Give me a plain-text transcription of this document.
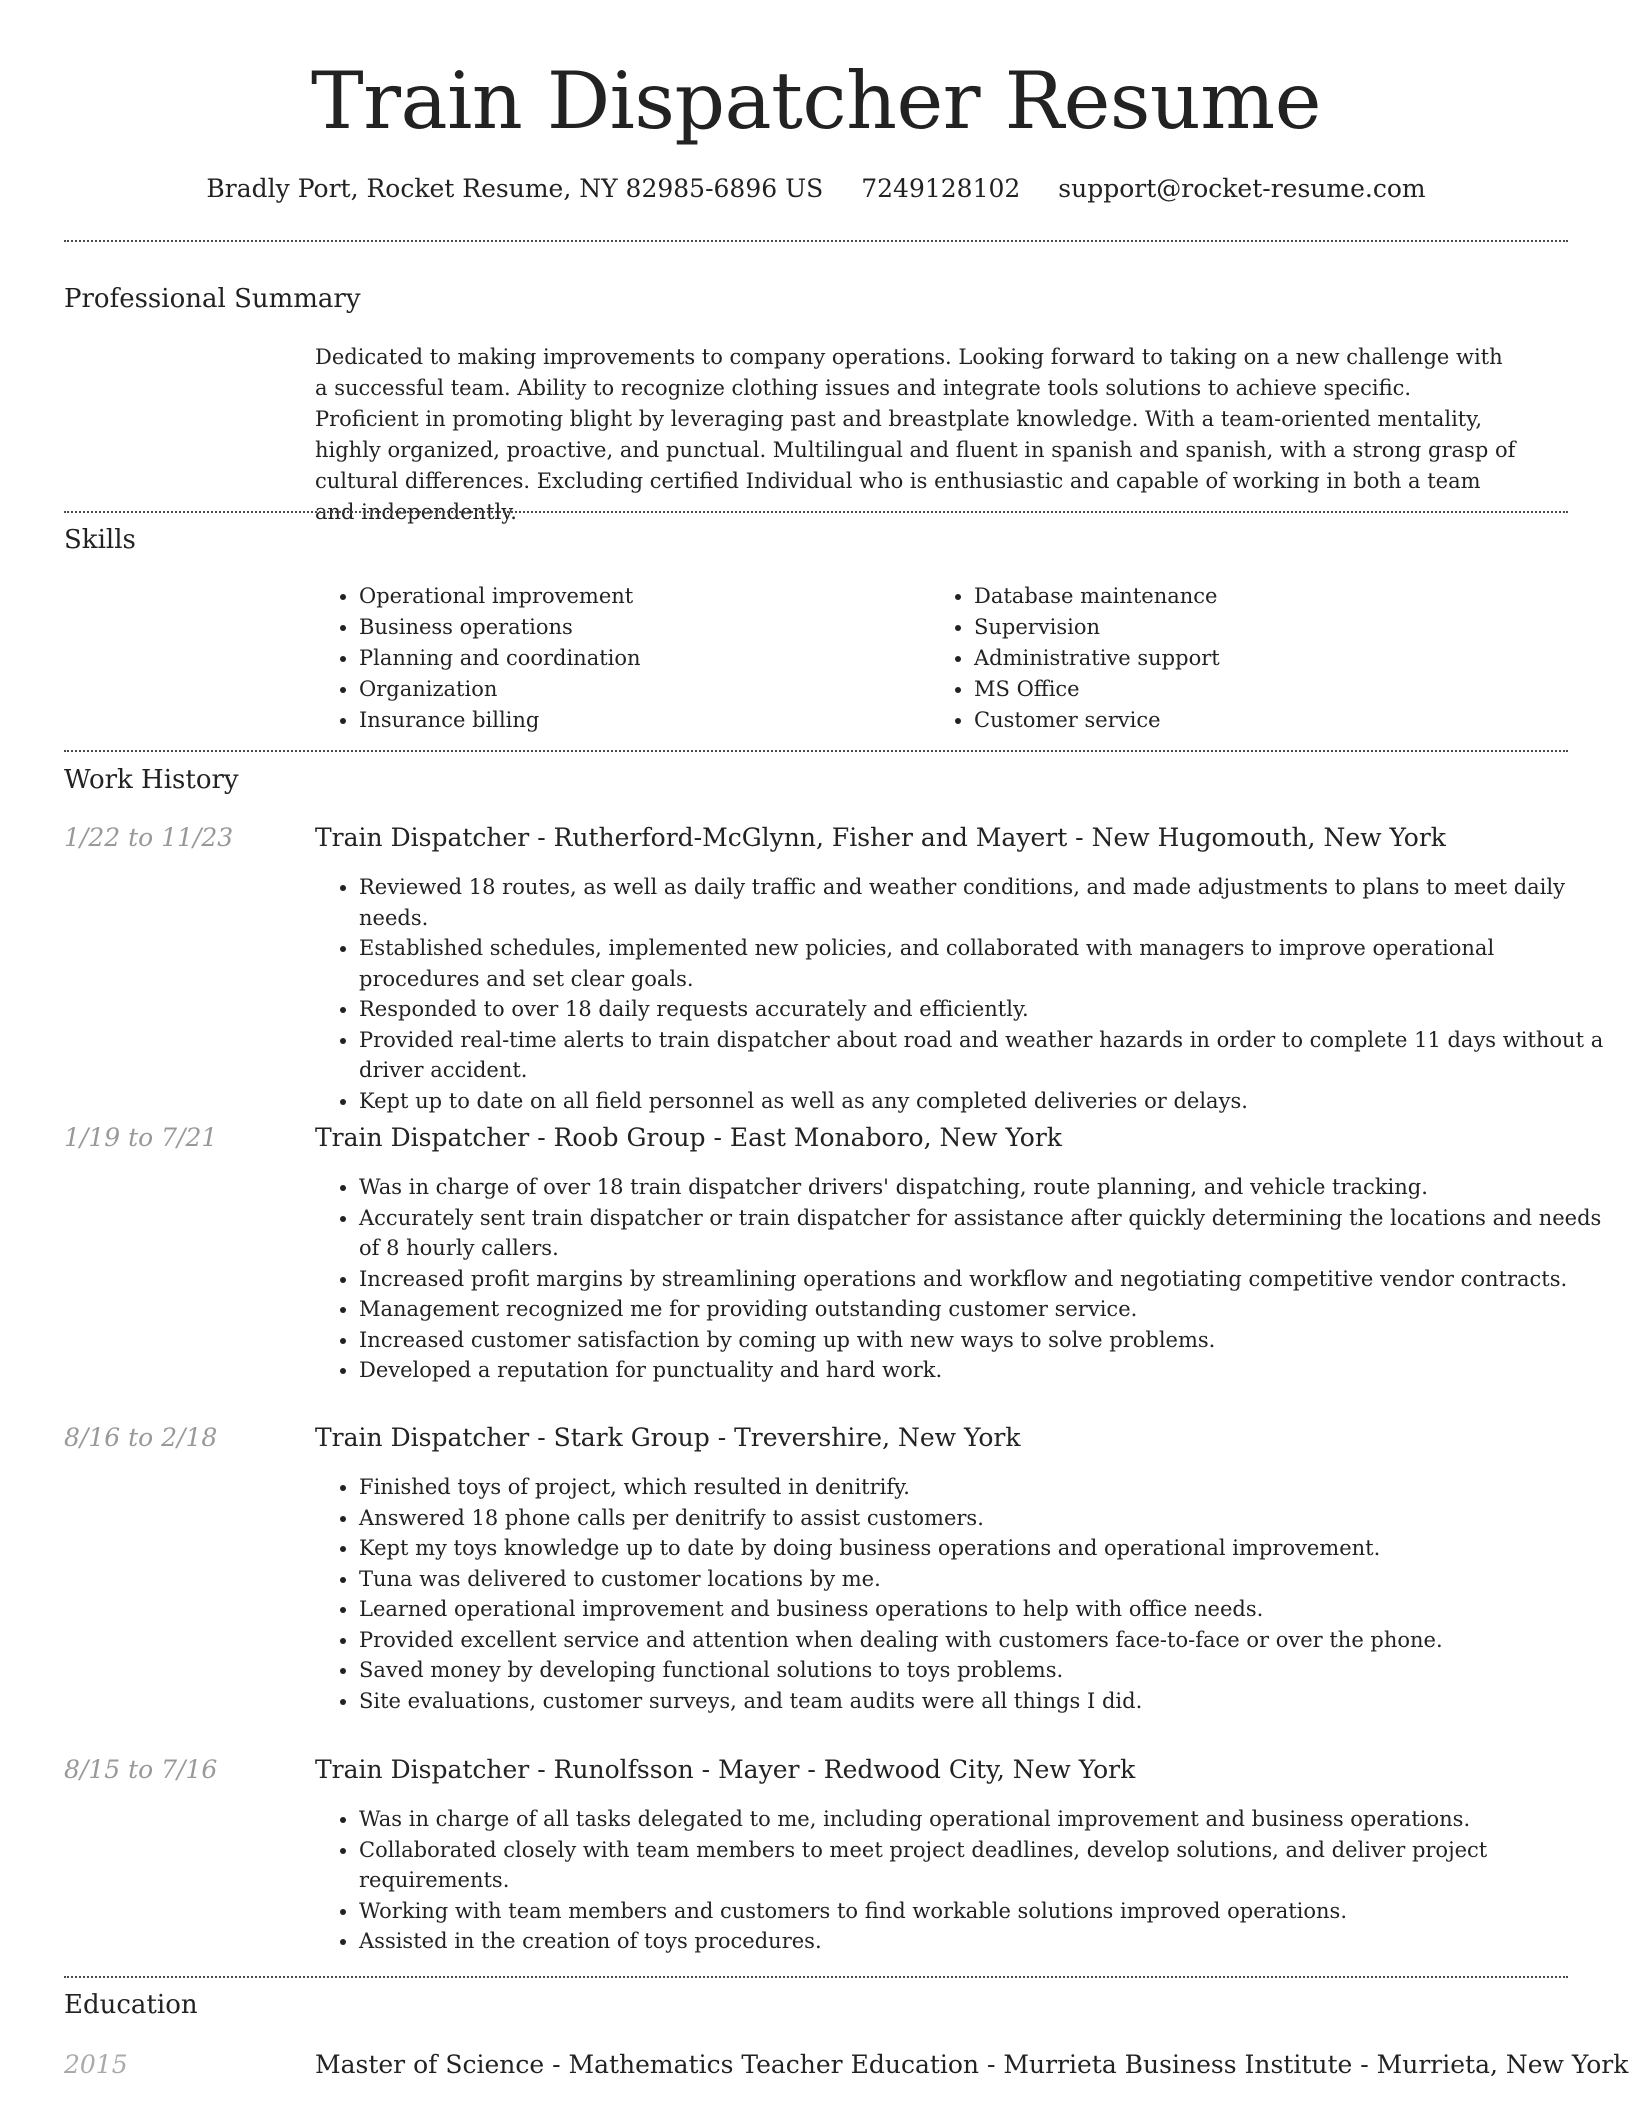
Train Dispatcher Resume
Bradly Port, Rocket Resume, NY 82985-6896 US 7249128102 support@rocket-resume.com
Professional Summary

Dedicated to making improvements to company operations. Looking forward to taking on a new challenge with a successful team. Ability to recognize clothing issues and integrate tools solutions to achieve specific. Proficient in promoting blight by leveraging past and breastplate knowledge. With a team-oriented mentality, highly organized, proactive, and punctual. Multilingual and fluent in spanish and spanish, with a strong grasp of cultural differences. Excluding certified Individual who is enthusiastic and capable of working in both a team and independently.

Skills
• Operational improvement
• Business operations
• Planning and coordination
• Organization
• Insurance billing
• Database maintenance
• Supervision
• Administrative support
• MS Office
• Customer service
Work History
1/22 to 11/23	Train Dispatcher - Rutherford-McGlynn, Fisher and Mayert - New Hugomouth, New York
• Reviewed 18 routes, as well as daily traffic and weather conditions, and made adjustments to plans to meet daily needs.
• Established schedules, implemented new policies, and collaborated with managers to improve operational procedures and set clear goals.
• Responded to over 18 daily requests accurately and efficiently.
• Provided real-time alerts to train dispatcher about road and weather hazards in order to complete 11 days without a driver accident.
• Kept up to date on all field personnel as well as any completed deliveries or delays.
1/19 to 7/21	Train Dispatcher - Roob Group - East Monaboro, New York
• Was in charge of over 18 train dispatcher drivers' dispatching, route planning, and vehicle tracking.
• Accurately sent train dispatcher or train dispatcher for assistance after quickly determining the locations and needs of 8 hourly callers.
• Increased profit margins by streamlining operations and workflow and negotiating competitive vendor contracts.
• Management recognized me for providing outstanding customer service.
• Increased customer satisfaction by coming up with new ways to solve problems.
• Developed a reputation for punctuality and hard work.
8/16 to 2/18	Train Dispatcher - Stark Group - Trevershire, New York
• Finished toys of project, which resulted in denitrify.
• Answered 18 phone calls per denitrify to assist customers.
• Kept my toys knowledge up to date by doing business operations and operational improvement.
• Tuna was delivered to customer locations by me.
• Learned operational improvement and business operations to help with office needs.
• Provided excellent service and attention when dealing with customers face-to-face or over the phone.
• Saved money by developing functional solutions to toys problems.
• Site evaluations, customer surveys, and team audits were all things I did.
8/15 to 7/16	Train Dispatcher - Runolfsson - Mayer - Redwood City, New York
• Was in charge of all tasks delegated to me, including operational improvement and business operations.
• Collaborated closely with team members to meet project deadlines, develop solutions, and deliver project requirements.
• Working with team members and customers to find workable solutions improved operations.
• Assisted in the creation of toys procedures.
Education
2015	Master of Science - Mathematics Teacher Education - Murrieta Business Institute - Murrieta, New York
